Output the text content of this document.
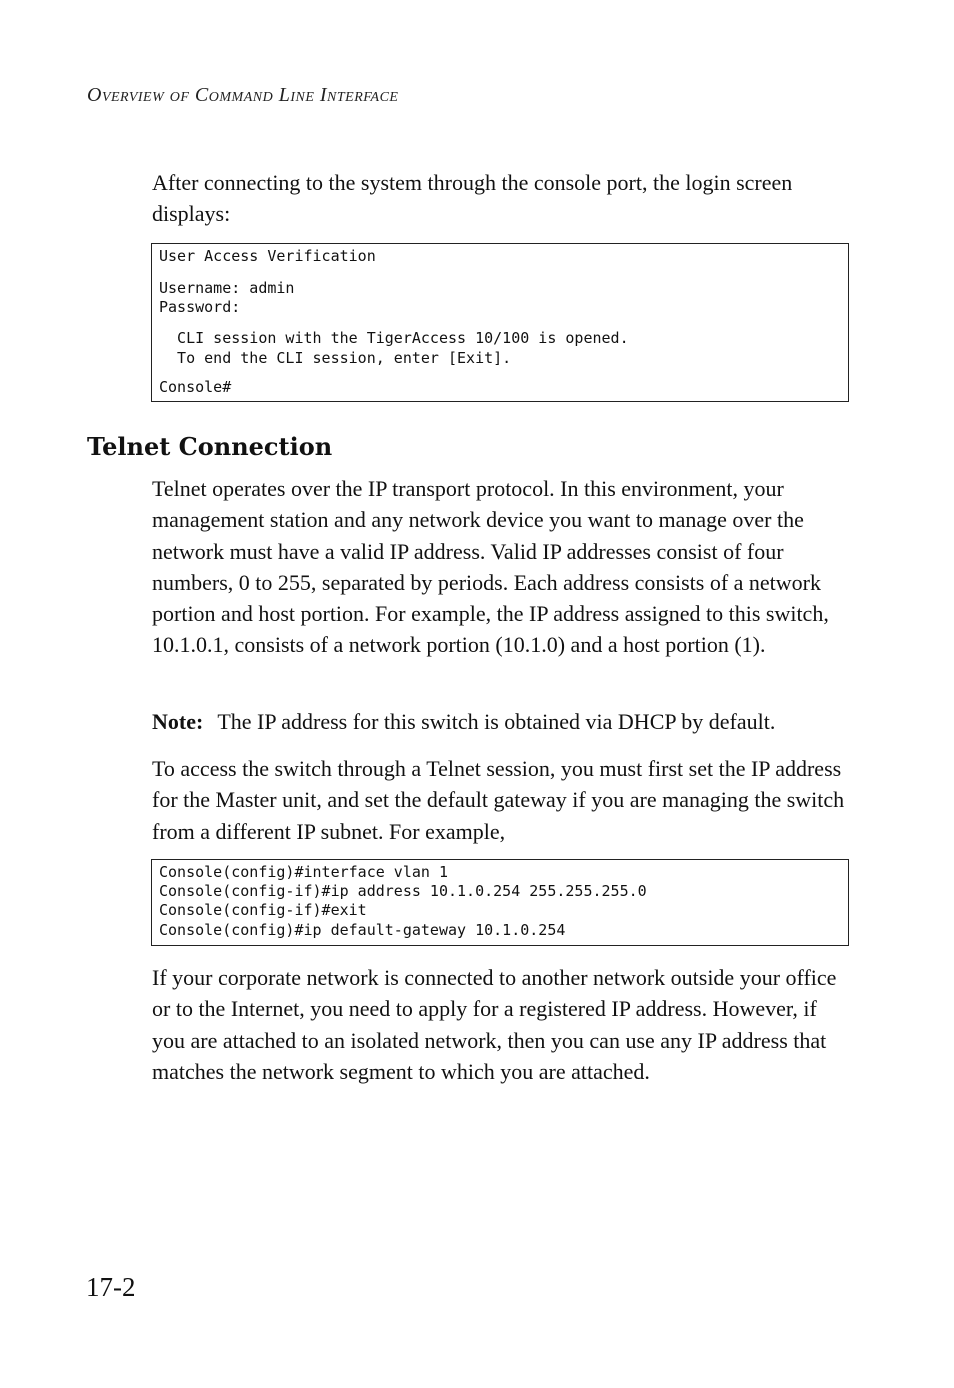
Overview of Command Line Interface
After connecting to the system through the console port, the login screen displays:
User Access Verification
Username: admin
Password:
CLI session with the TigerAccess 10/100 is opened.
To end the CLI session, enter [Exit].
Console#
Telnet Connection
Telnet operates over the IP transport protocol. In this environment, your management station and any network device you want to manage over the network must have a valid IP address. Valid IP addresses consist of four numbers, 0 to 255, separated by periods. Each address consists of a network portion and host portion. For example, the IP address assigned to this switch, 10.1.0.1, consists of a network portion (10.1.0) and a host portion (1).
Note: The IP address for this switch is obtained via DHCP by default.
To access the switch through a Telnet session, you must first set the IP address for the Master unit, and set the default gateway if you are managing the switch from a different IP subnet. For example,
Console(config)#interface vlan 1
Console(config-if)#ip address 10.1.0.254 255.255.255.0
Console(config-if)#exit
Console(config)#ip default-gateway 10.1.0.254
If your corporate network is connected to another network outside your office or to the Internet, you need to apply for a registered IP address. However, if you are attached to an isolated network, then you can use any IP address that matches the network segment to which you are attached.
17-2
